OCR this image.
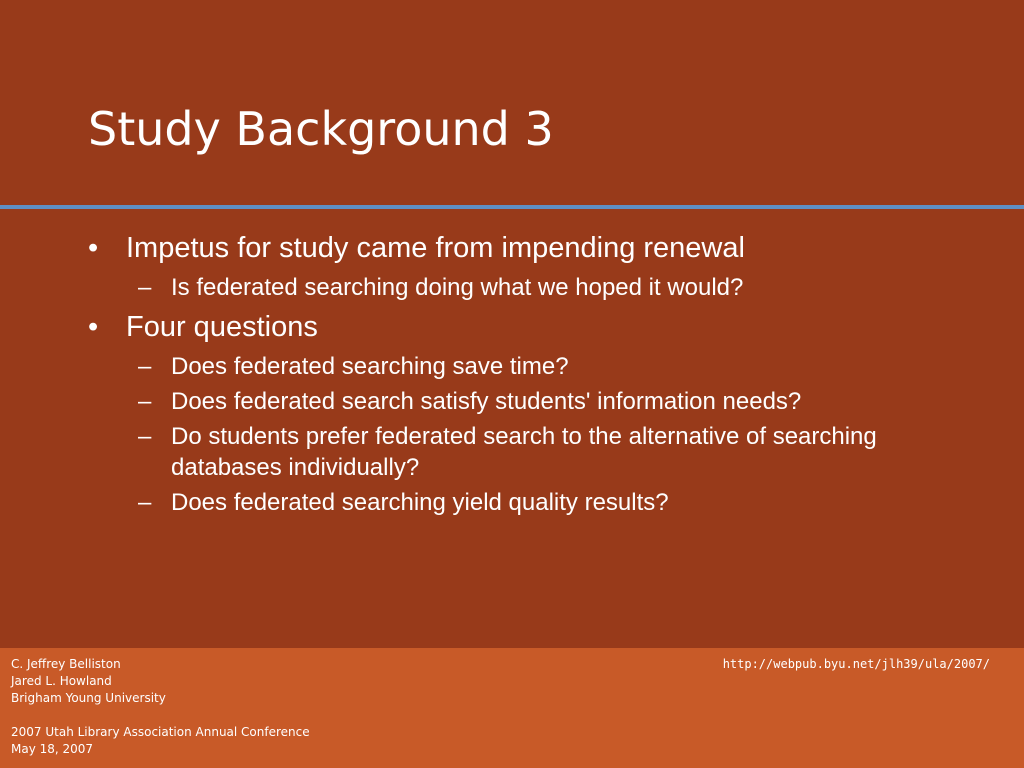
Study Background 3
• Impetus for study came from impending renewal
– Is federated searching doing what we hoped it would?
• Four questions
– Does federated searching save time?
– Does federated search satisfy students' information needs?
– Do students prefer federated search to the alternative of searching databases individually?
– Does federated searching yield quality results?
C. Jeffrey Belliston
Jared L. Howland
Brigham Young University
2007 Utah Library Association Annual Conference
May 18, 2007
http://webpub.byu.net/jlh39/ula/2007/
